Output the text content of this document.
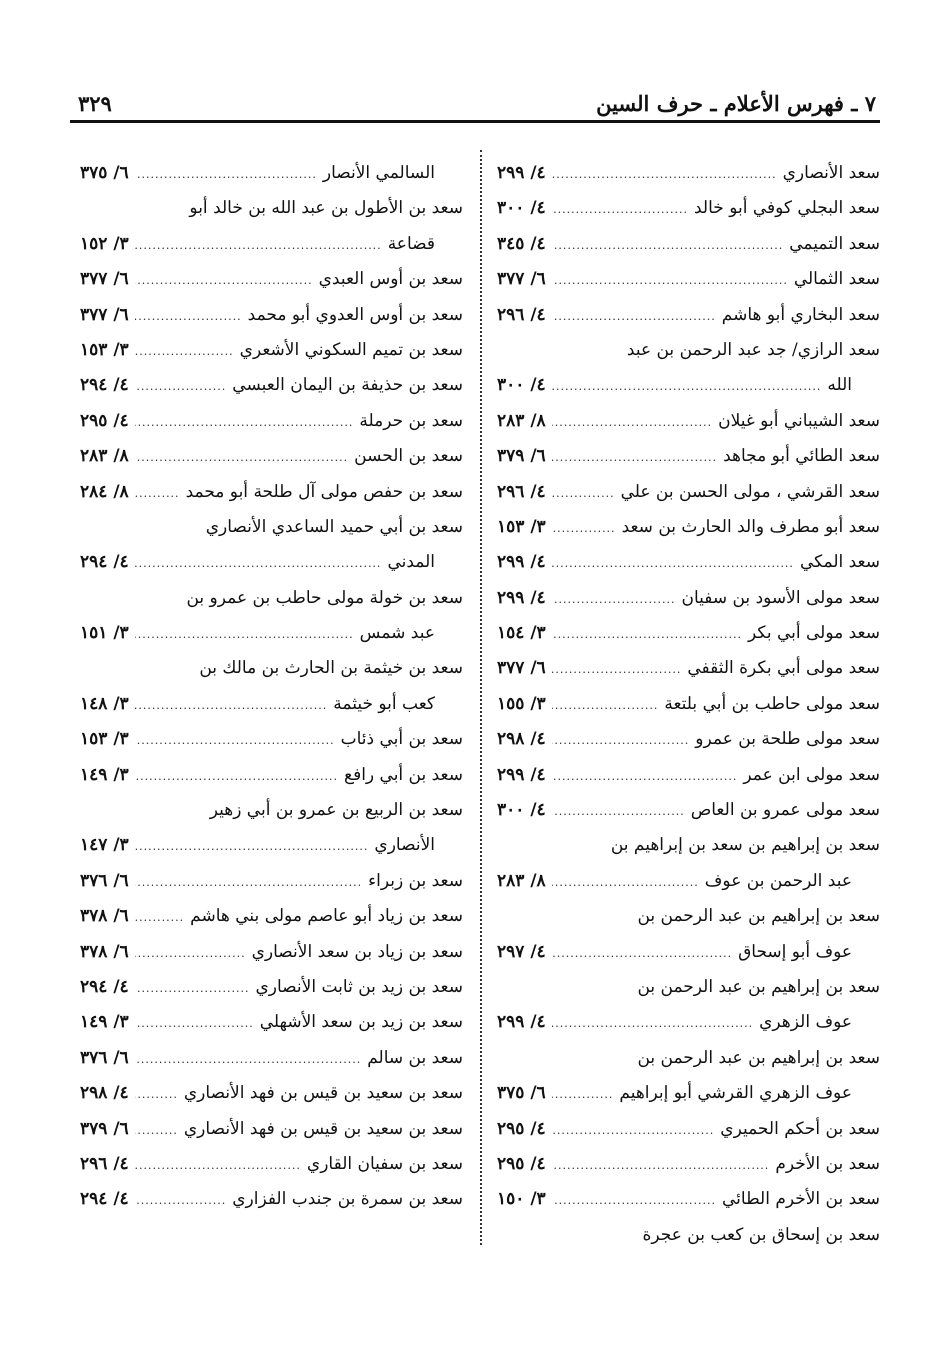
٧ ـ فهرس الأعلام ـ حرف السين
٣٢٩
سعد الأنصاري
.....
٤/ ٢٩٩
سعد البجلي كوفي أبو خالد
.....
٤/ ٣٠٠
سعد التميمي
.....
٤/ ٣٤٥
سعد الثمالي
.....
٦/ ٣٧٧
سعد البخاري أبو هاشم
.....
٤/ ٢٩٦
سعد الرازي/ جد عبد الرحمن بن عبد
الله
.....
٤/ ٣٠٠
سعد الشيباني أبو غيلان
.....
٨/ ٢٨٣
سعد الطائي أبو مجاهد
.....
٦/ ٣٧٩
سعد القرشي ، مولى الحسن بن علي
.....
٤/ ٢٩٦
سعد أبو مطرف والد الحارث بن سعد
.....
٣/ ١٥٣
سعد المكي
.....
٤/ ٢٩٩
سعد مولى الأسود بن سفيان
.....
٤/ ٢٩٩
سعد مولى أبي بكر
.....
٣/ ١٥٤
سعد مولى أبي بكرة الثقفي
.....
٦/ ٣٧٧
سعد مولى حاطب بن أبي بلتعة
.....
٣/ ١٥٥
سعد مولى طلحة بن عمرو
.....
٤/ ٢٩٨
سعد مولى ابن عمر
.....
٤/ ٢٩٩
سعد مولى عمرو بن العاص
.....
٤/ ٣٠٠
سعد بن إبراهيم بن سعد بن إبراهيم بن
عبد الرحمن بن عوف
.....
٨/ ٢٨٣
سعد بن إبراهيم بن عبد الرحمن بن
عوف أبو إسحاق
.....
٤/ ٢٩٧
سعد بن إبراهيم بن عبد الرحمن بن
عوف الزهري
.....
٤/ ٢٩٩
سعد بن إبراهيم بن عبد الرحمن بن
عوف الزهري القرشي أبو إبراهيم
.....
٦/ ٣٧٥
سعد بن أحكم الحميري
.....
٤/ ٢٩٥
سعد بن الأخرم
.....
٤/ ٢٩٥
سعد بن الأخرم الطائي
.....
٣/ ١٥٠
سعد بن إسحاق بن كعب بن عجرة
السالمي الأنصار
.....
٦/ ٣٧٥
سعد بن الأطول بن عبد الله بن خالد أبو
قضاعة
.....
٣/ ١٥٢
سعد بن أوس العبدي
.....
٦/ ٣٧٧
سعد بن أوس العدوي أبو محمد
.....
٦/ ٣٧٧
سعد بن تميم السكوني الأشعري
.....
٣/ ١٥٣
سعد بن حذيفة بن اليمان العبسي
.....
٤/ ٢٩٤
سعد بن حرملة
.....
٤/ ٢٩٥
سعد بن الحسن
.....
٨/ ٢٨٣
سعد بن حفص مولى آل طلحة أبو محمد
.....
٨/ ٢٨٤
سعد بن أبي حميد الساعدي الأنصاري
المدني
.....
٤/ ٢٩٤
سعد بن خولة مولى حاطب بن عمرو بن
عبد شمس
.....
٣/ ١٥١
سعد بن خيثمة بن الحارث بن مالك بن
كعب أبو خيثمة
.....
٣/ ١٤٨
سعد بن أبي ذئاب
.....
٣/ ١٥٣
سعد بن أبي رافع
.....
٣/ ١٤٩
سعد بن الربيع بن عمرو بن أبي زهير
الأنصاري
.....
٣/ ١٤٧
سعد بن زبراء
.....
٦/ ٣٧٦
سعد بن زياد أبو عاصم مولى بني هاشم
.....
٦/ ٣٧٨
سعد بن زياد بن سعد الأنصاري
.....
٦/ ٣٧٨
سعد بن زيد بن ثابت الأنصاري
.....
٤/ ٢٩٤
سعد بن زيد بن سعد الأشهلي
.....
٣/ ١٤٩
سعد بن سالم
.....
٦/ ٣٧٦
سعد بن سعيد بن قيس بن فهد الأنصاري
.....
٤/ ٢٩٨
سعد بن سعيد بن قيس بن فهد الأنصاري
.....
٦/ ٣٧٩
سعد بن سفيان القاري
.....
٤/ ٢٩٦
سعد بن سمرة بن جندب الفزاري
.....
٤/ ٢٩٤
